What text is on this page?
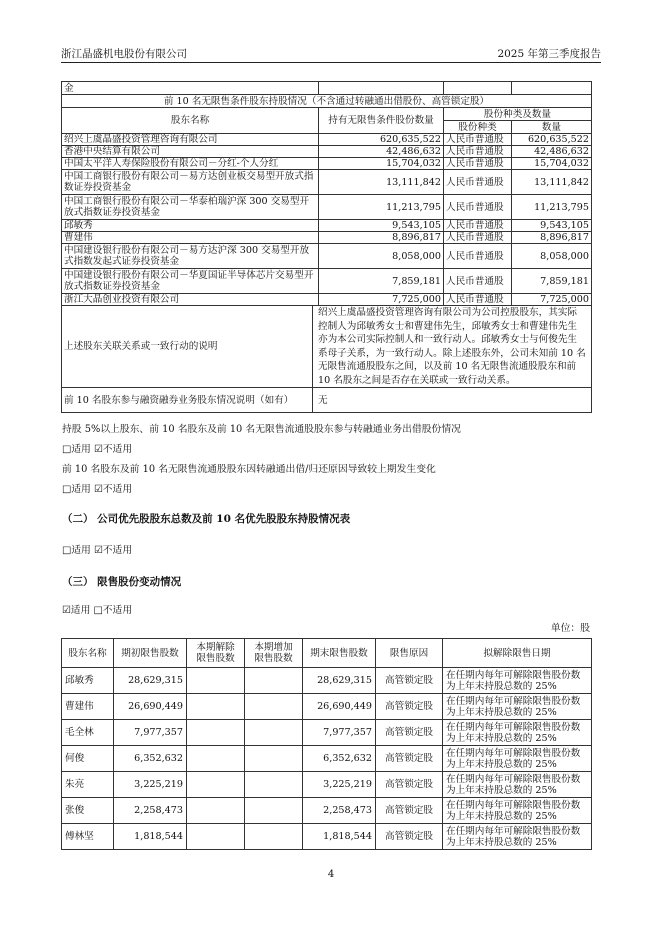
浙江晶盛机电股份有限公司	2025 年第三季度报告
金				
前 10 名无限售条件股东持股情况（不含通过转融通出借股份、高管锁定股）				
股东名称		持有无限售条件股份数量	股份种类及数量	
			股份种类	数量
绍兴上虞晶盛投资管理咨询有限公司		620,635,522	人民币普通股	620,635,522
香港中央结算有限公司		42,486,632	人民币普通股	42,486,632
中国太平洋人寿保险股份有限公司－分红-个人分红		15,704,032	人民币普通股	15,704,032
中国工商银行股份有限公司－易方达创业板交易型开放式指数证券投资基金		13,111,842	人民币普通股	13,111,842
中国工商银行股份有限公司－华泰柏瑞沪深 300 交易型开放式指数证券投资基金		11,213,795	人民币普通股	11,213,795
邱敏秀		9,543,105	人民币普通股	9,543,105
曹建伟		8,896,817	人民币普通股	8,896,817
中国建设银行股份有限公司－易方达沪深 300 交易型开放式指数发起式证券投资基金		8,058,000	人民币普通股	8,058,000
中国建设银行股份有限公司－华夏国证半导体芯片交易型开放式指数证券投资基金		7,859,181	人民币普通股	7,859,181
浙江大晶创业投资有限公司		7,725,000	人民币普通股	7,725,000
上述股东关联关系或一致行动的说明	绍兴上虞晶盛投资管理咨询有限公司为公司控股股东，其实际控制人为邱敏秀女士和曹建伟先生，邱敏秀女士和曹建伟先生亦为本公司实际控制人和一致行动人。邱敏秀女士与何俊先生系母子关系，为一致行动人。除上述股东外，公司未知前 10 名无限售流通股股东之间，以及前 10 名无限售流通股股东和前 10 名股东之间是否存在关联或一致行动关系。			
前 10 名股东参与融资融券业务股东情况说明（如有）	无			
持股 5%以上股东、前 10 名股东及前 10 名无限售流通股股东参与转融通业务出借股份情况
□适用 ☑不适用
前 10 名股东及前 10 名无限售流通股股东因转融通出借/归还原因导致较上期发生变化
□适用 ☑不适用
（二） 公司优先股股东总数及前 10 名优先股股东持股情况表
□适用 ☑不适用
（三） 限售股份变动情况
☑适用 □不适用
单位：股
股东名称	期初限售股数	本期解除限售股数	本期增加限售股数	期末限售股数	限售原因	拟解除限售日期
邱敏秀	28,629,315			28,629,315	高管锁定股	在任期内每年可解除限售股份数为上年末持股总数的 25%
曹建伟	26,690,449			26,690,449	高管锁定股	在任期内每年可解除限售股份数为上年末持股总数的 25%
毛全林	7,977,357			7,977,357	高管锁定股	在任期内每年可解除限售股份数为上年末持股总数的 25%
何俊	6,352,632			6,352,632	高管锁定股	在任期内每年可解除限售股份数为上年末持股总数的 25%
朱亮	3,225,219			3,225,219	高管锁定股	在任期内每年可解除限售股份数为上年末持股总数的 25%
张俊	2,258,473			2,258,473	高管锁定股	在任期内每年可解除限售股份数为上年末持股总数的 25%
傅林坚	1,818,544			1,818,544	高管锁定股	在任期内每年可解除限售股份数为上年末持股总数的 25%
4
